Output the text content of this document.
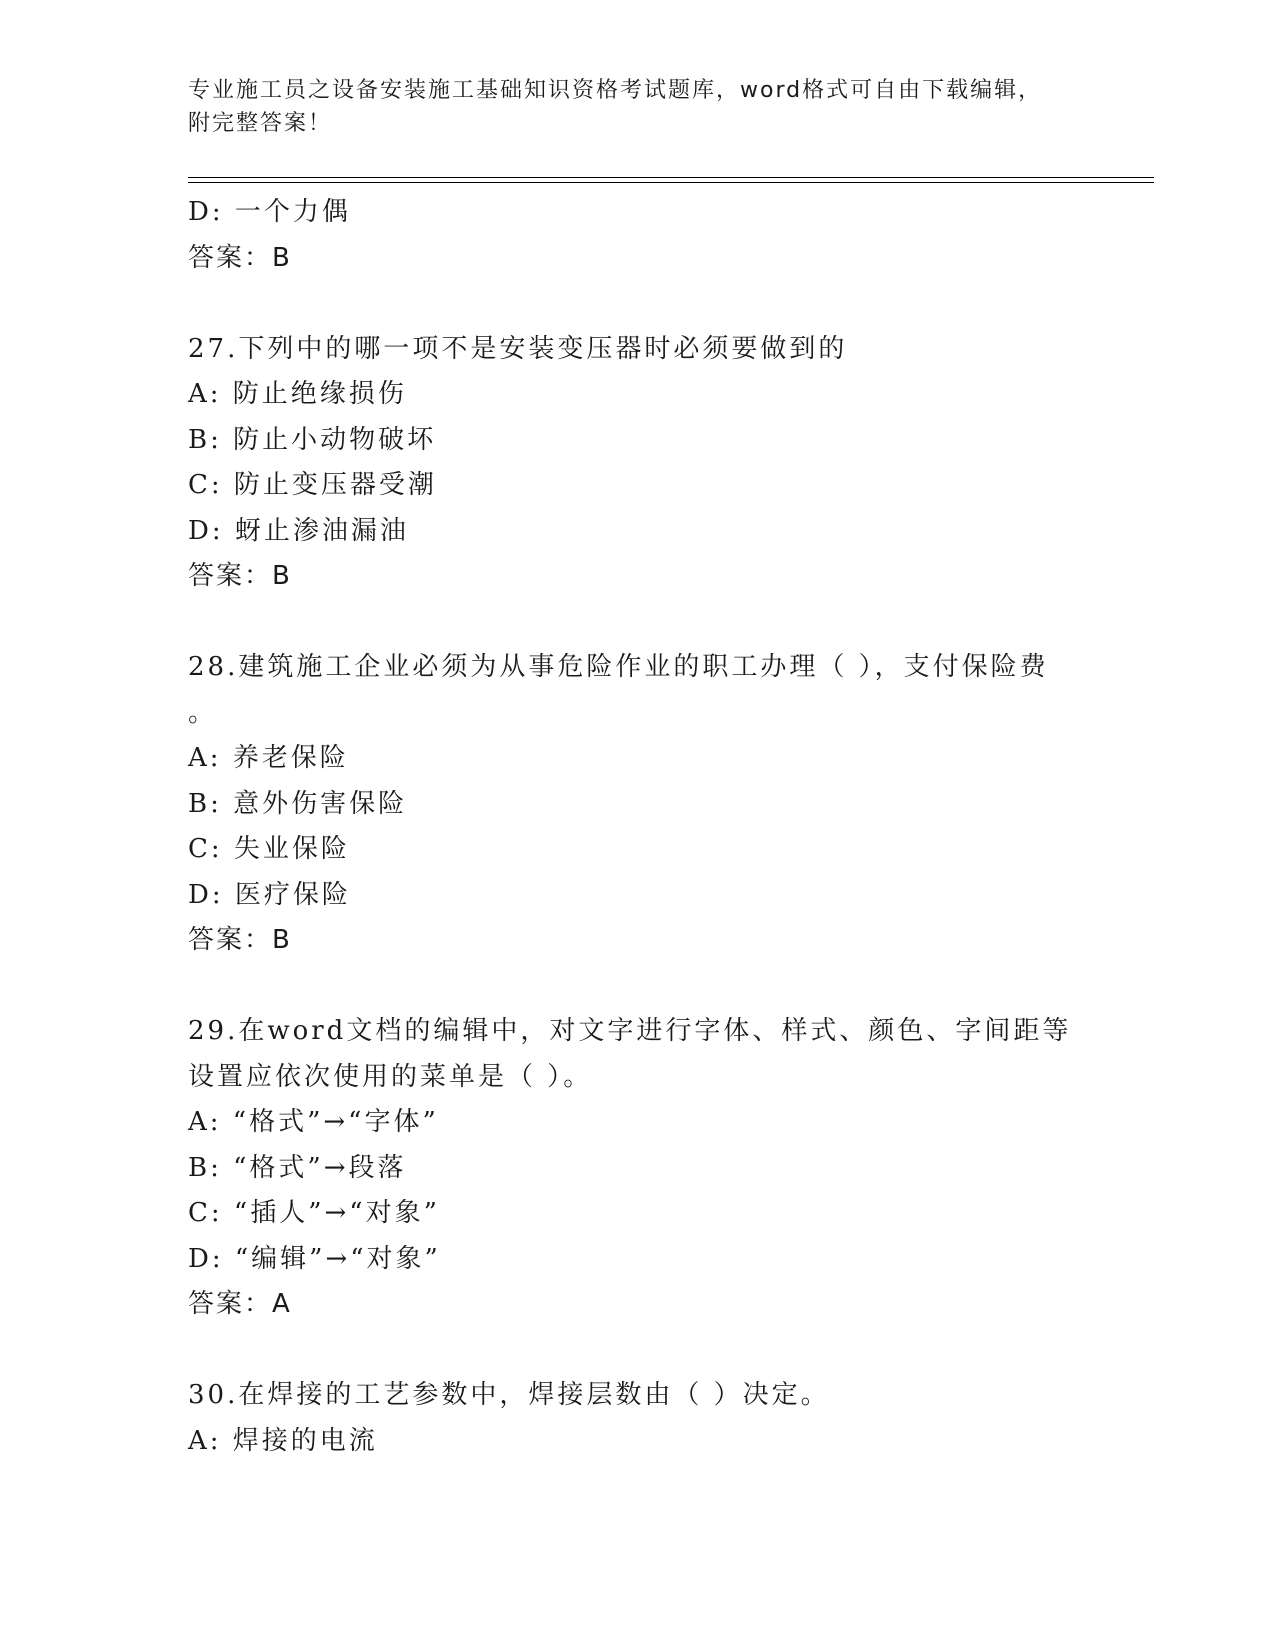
专业施工员之设备安装施工基础知识资格考试题库，word格式可自由下载编辑，
附完整答案！
D: 一个力偶
答案：B
27.下列中的哪一项不是安装变压器时必须要做到的
A: 防止绝缘损伤
B: 防止小动物破坏
C: 防止变压器受潮
D: 蚜止渗油漏油
答案：B
28.建筑施工企业必须为从事危险作业的职工办理（ ），支付保险费
。
A: 养老保险
B: 意外伤害保险
C: 失业保险
D: 医疗保险
答案：B
29.在word文档的编辑中，对文字进行字体、样式、颜色、字间距等
设置应依次使用的菜单是（ ）。
A: “格式”→“字体”
B: “格式”→段落
C: “插人”→“对象”
D: “编辑”→“对象”
答案：A
30.在焊接的工艺参数中，焊接层数由（ ）决定。
A: 焊接的电流
